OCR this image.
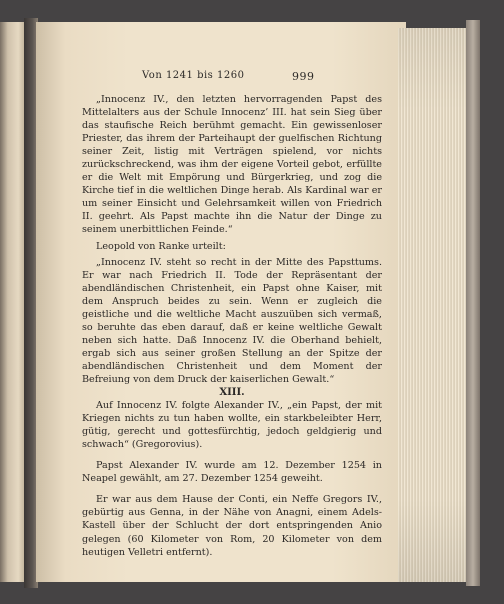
Von 1241 bis 1260	999

„Innocenz IV., den letzten hervorragenden Papst des Mittelalters aus der Schule Innocenz’ III. hat sein Sieg über das staufische Reich berühmt gemacht. Ein gewissenloser Priester, das ihrem der Parteihaupt der guelfischen Richtung seiner Zeit, listig mit Verträgen spielend, vor nichts zurückschreckend, was ihm der eigene Vorteil gebot, erfüllte er die Welt mit Empörung und Bürgerkrieg, und zog die Kirche tief in die weltlichen Dinge herab. Als Kardinal war er um seiner Einsicht und Gelehrsamkeit willen von Friedrich II. geehrt. Als Papst machte ihn die Natur der Dinge zu seinem unerbittlichen Feinde.“

Leopold von Ranke urteilt:

„Innocenz IV. steht so recht in der Mitte des Papsttums. Er war nach Friedrich II. Tode der Repräsentant der abendländischen Christenheit, ein Papst ohne Kaiser, mit dem Anspruch beides zu sein. Wenn er zugleich die geistliche und die weltliche Macht auszuüben sich vermaß, so beruhte das eben darauf, daß er keine weltliche Gewalt neben sich hatte. Daß Innocenz IV. die Oberhand behielt, ergab sich aus seiner großen Stellung an der Spitze der abendländischen Christenheit und dem Moment der Befreiung von dem Druck der kaiserlichen Gewalt.“

XIII.

Auf Innocenz IV. folgte Alexander IV., „ein Papst, der mit Kriegen nichts zu tun haben wollte, ein starkbeleibter Herr, gütig, gerecht und gottesfürchtig, jedoch geldgierig und schwach“ (Gregorovius).

Papst Alexander IV. wurde am 12. Dezember 1254 in Neapel gewählt, am 27. Dezember 1254 geweiht.

Er war aus dem Hause der Conti, ein Neffe Gregors IV., gebürtig aus Genna, in der Nähe von Anagni, einem Adels-Kastell über der Schlucht der dort entspringenden Anio gelegen (60 Kilometer von Rom, 20 Kilometer von dem heutigen Velletri entfernt).
